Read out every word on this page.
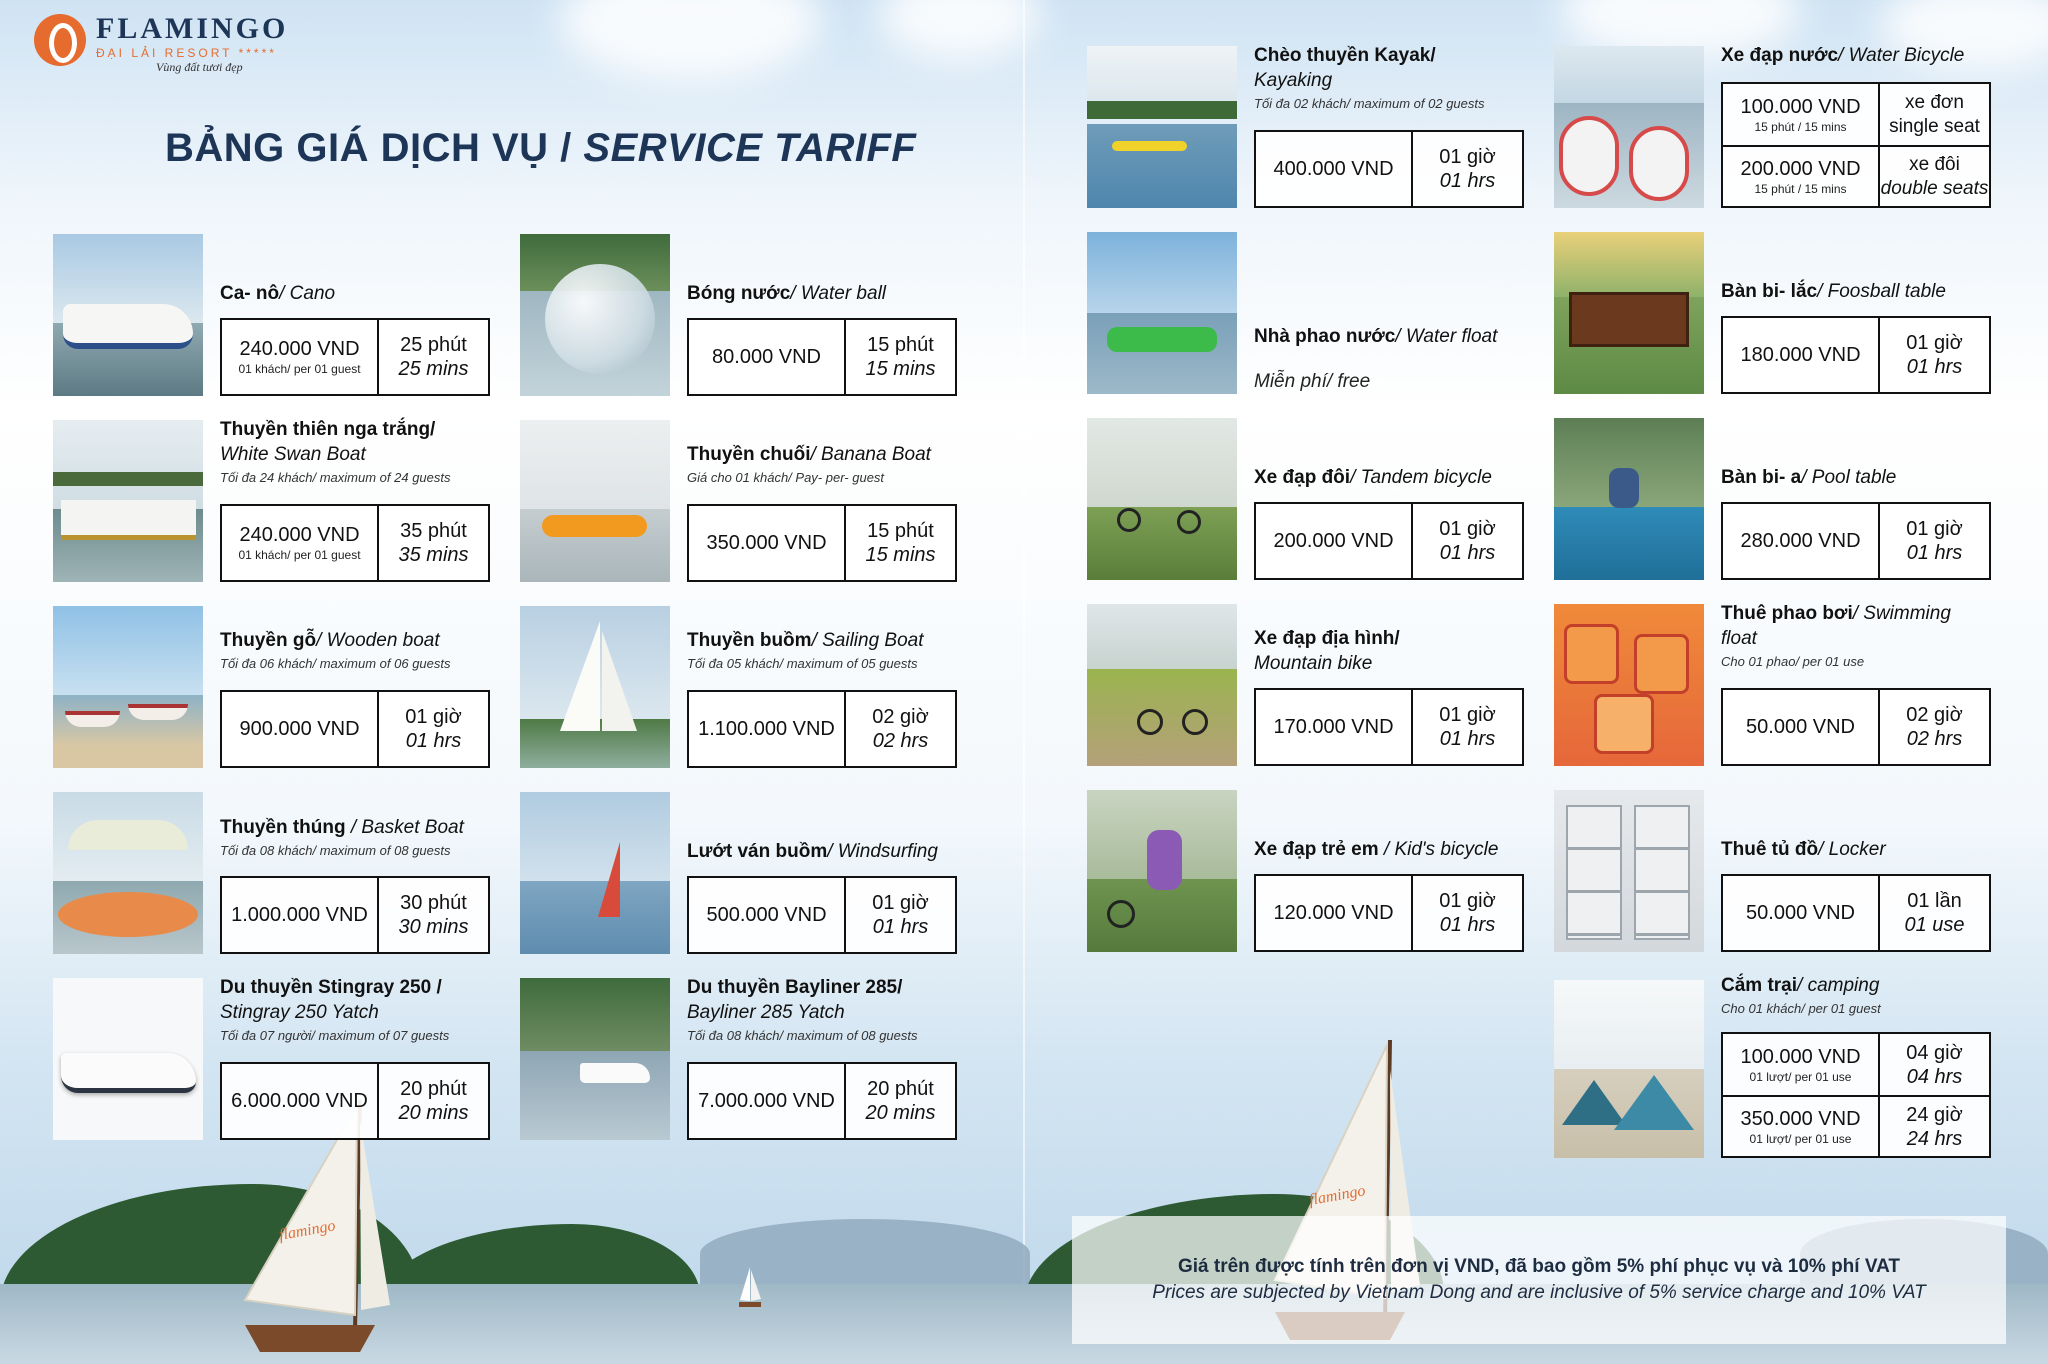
flamingo
flamingo
FLAMINGO
ĐẠI LẢI RESORT *****
Vùng đất tươi đẹp
BẢNG GIÁ DỊCH VỤ / SERVICE TARIFF
Ca- nô/ Cano
240.000 VND
01 khách/ per 01 guest
25 phút
25 mins
Bóng nước/ Water ball
80.000 VND
15 phút
15 mins
Thuyền thiên nga trắng/
White Swan Boat
Tối đa 24 khách/ maximum of 24 guests
240.000 VND
01 khách/ per 01 guest
35 phút
35 mins
Thuyền chuối/ Banana Boat
Giá cho 01 khách/ Pay- per- guest
350.000 VND
15 phút
15 mins
Thuyền gỗ/ Wooden boat
Tối đa 06 khách/ maximum of 06 guests
900.000 VND
01 giờ
01 hrs
Thuyền buồm/ Sailing Boat
Tối đa 05 khách/ maximum of 05 guests
1.100.000 VND
02 giờ
02 hrs
Thuyền thúng / Basket Boat
Tối đa 08 khách/ maximum of 08 guests
1.000.000 VND
30 phút
30 mins
Lướt ván buồm/ Windsurfing
500.000 VND
01 giờ
01 hrs
Du thuyền Stingray 250 /
Stingray 250 Yatch
Tối đa 07 người/ maximum of 07 guests
6.000.000 VND
20 phút
20 mins
Du thuyền Bayliner 285/
Bayliner 285 Yatch
Tối đa 08 khách/ maximum of 08 guests
7.000.000 VND
20 phút
20 mins
Chèo thuyền Kayak/
Kayaking
Tối đa 02 khách/ maximum of 02 guests
400.000 VND
01 giờ
01 hrs
Xe đạp nước/ Water Bicycle
100.000 VND
15 phút / 15 mins
xe đơn
single seat
200.000 VND
15 phút / 15 mins
xe đôi
double seats
Nhà phao nước/ Water float
Miễn phí/ free
Bàn bi- lắc/ Foosball table
180.000 VND
01 giờ
01 hrs
Xe đạp đôi/ Tandem bicycle
200.000 VND
01 giờ
01 hrs
Bàn bi- a/ Pool table
280.000 VND
01 giờ
01 hrs
Xe đạp địa hình/
Mountain bike
170.000 VND
01 giờ
01 hrs
Thuê phao bơi/ Swimming float
Cho 01 phao/ per 01 use
50.000 VND
02 giờ
02 hrs
Xe đạp trẻ em / Kid's bicycle
120.000 VND
01 giờ
01 hrs
Thuê tủ đồ/ Locker
50.000 VND
01 lần
01 use
Cắm trại/ camping
Cho 01 khách/ per 01 guest
100.000 VND
01 lượt/ per 01 use
04 giờ
04 hrs
350.000 VND
01 lượt/ per 01 use
24 giờ
24 hrs
Giá trên được tính trên đơn vị VND, đã bao gồm 5% phí phục vụ và 10% phí VAT
Prices are subjected by Vietnam Dong and are inclusive of 5% service charge and 10% VAT
